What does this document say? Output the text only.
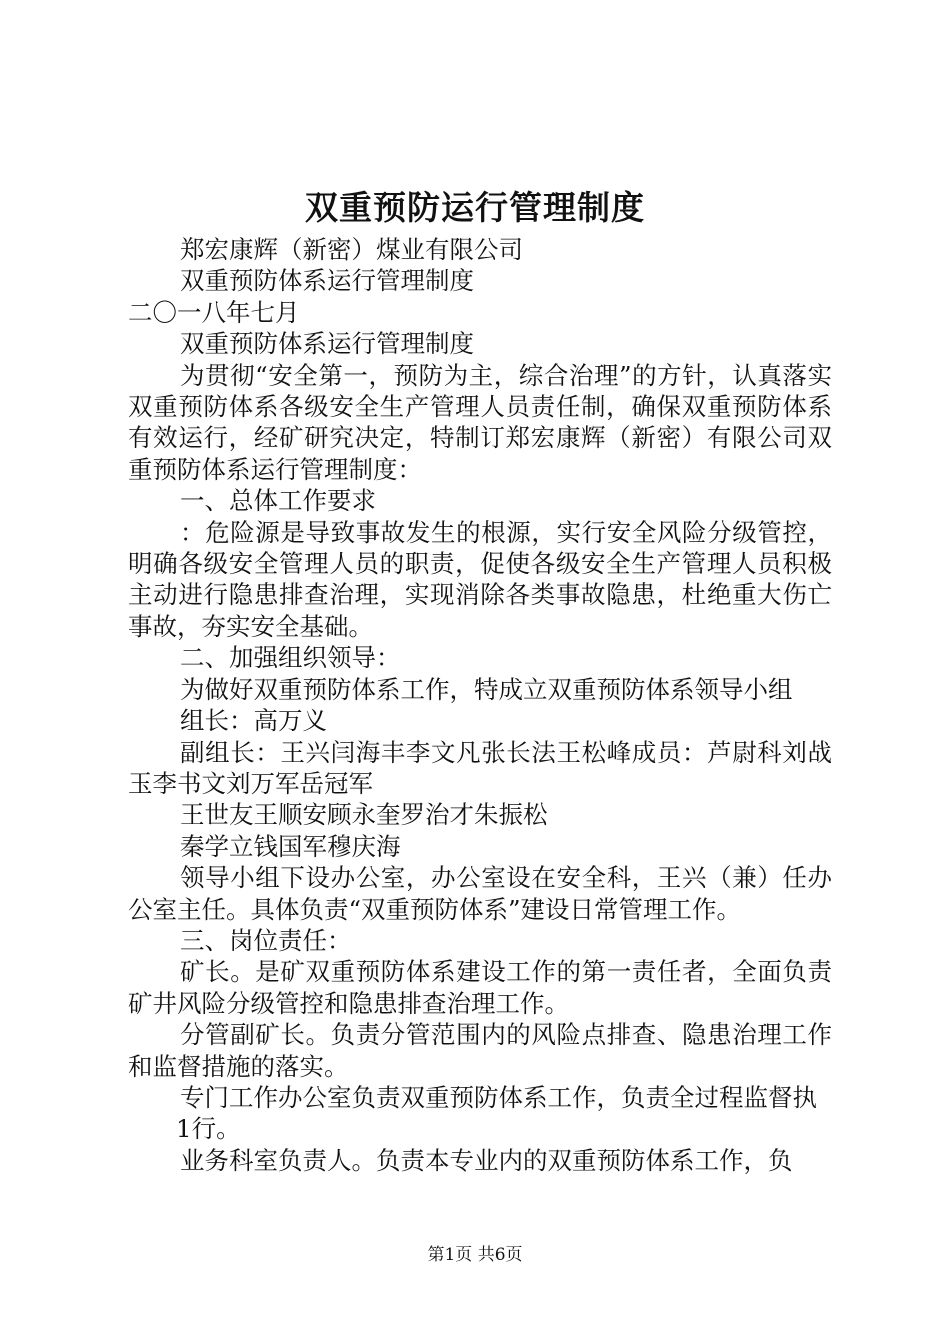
双重预防运行管理制度

郑宏康辉（新密）煤业有限公司

双重预防体系运行管理制度

二〇一八年七月

双重预防体系运行管理制度

为贯彻“安全第一，预防为主，综合治理”的方针，认真落实双重预防体系各级安全生产管理人员责任制，确保双重预防体系有效运行，经矿研究决定，特制订郑宏康辉（新密）有限公司双重预防体系运行管理制度：

一、总体工作要求

：危险源是导致事故发生的根源，实行安全风险分级管控，明确各级安全管理人员的职责，促使各级安全生产管理人员积极主动进行隐患排查治理，实现消除各类事故隐患，杜绝重大伤亡事故，夯实安全基础。

二、加强组织领导：

为做好双重预防体系工作，特成立双重预防体系领导小组

组长：高万义

副组长：王兴闫海丰李文凡张长法王松峰成员：芦尉科刘战玉李书文刘万军岳冠军

王世友王顺安顾永奎罗治才朱振松

秦学立钱国军穆庆海

领导小组下设办公室，办公室设在安全科，王兴（兼）任办公室主任。具体负责“双重预防体系”建设日常管理工作。

三、岗位责任：

矿长。是矿双重预防体系建设工作的第一责任者，全面负责矿井风险分级管控和隐患排查治理工作。

分管副矿长。负责分管范围内的风险点排查、隐患治理工作和监督措施的落实。

专门工作办公室负责双重预防体系工作，负责全过程监督执

1行。

业务科室负责人。负责本专业内的双重预防体系工作，负

第1页 共6页
